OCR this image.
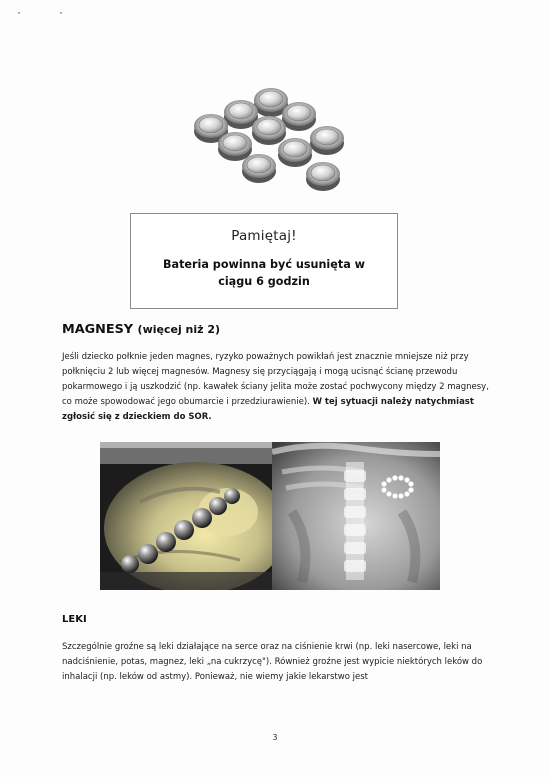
Pamiętaj!
Bateria powinna być usunięta w ciągu 6 godzin
MAGNESY (więcej niż 2)

Jeśli dziecko połknie jeden magnes, ryzyko poważnych powikłań jest znacznie mniejsze niż przy połknięciu 2 lub więcej magnesów. Magnesy się przyciągają i mogą ucisnąć ścianę przewodu pokarmowego i ją uszkodzić (np. kawałek ściany jelita może zostać pochwycony między 2 magnesy, co może spowodować jego obumarcie i przedziurawienie). W tej sytuacji należy natychmiast zgłosić się z dzieckiem do SOR.

LEKI

Szczególnie groźne są leki działające na serce oraz na ciśnienie krwi (np. leki nasercowe, leki na nadciśnienie, potas, magnez, leki „na cukrzycę"). Również groźne jest wypicie niektórych leków do inhalacji (np. leków od astmy). Ponieważ, nie wiemy jakie lekarstwo jest

3
